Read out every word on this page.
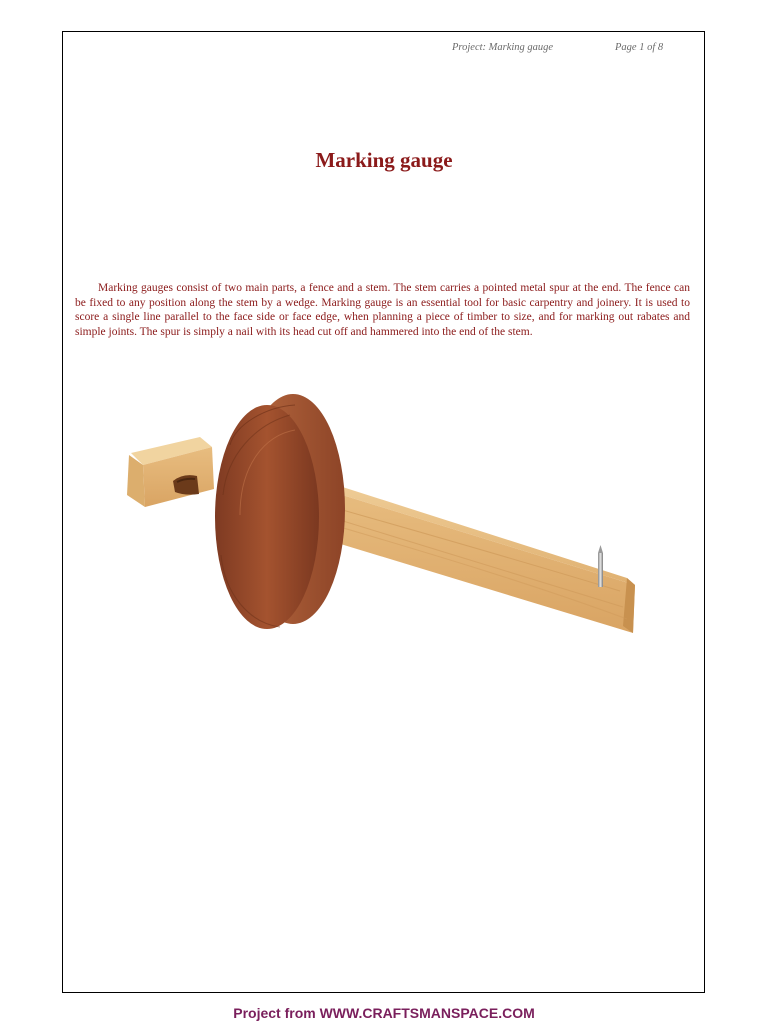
Project: Marking gauge	Page 1 of 8
Marking gauge

Marking gauges consist of two main parts, a fence and a stem. The stem carries a pointed metal spur at the end. The fence can be fixed to any position along the stem by a wedge. Marking gauge is an essential tool for basic carpentry and joinery. It is used to score a single line parallel to the face side or face edge, when planning a piece of timber to size, and for marking out rabates and simple joints. The spur is simply a nail with its head cut off and hammered into the end of the stem.

Project from WWW.CRAFTSMANSPACE.COM
